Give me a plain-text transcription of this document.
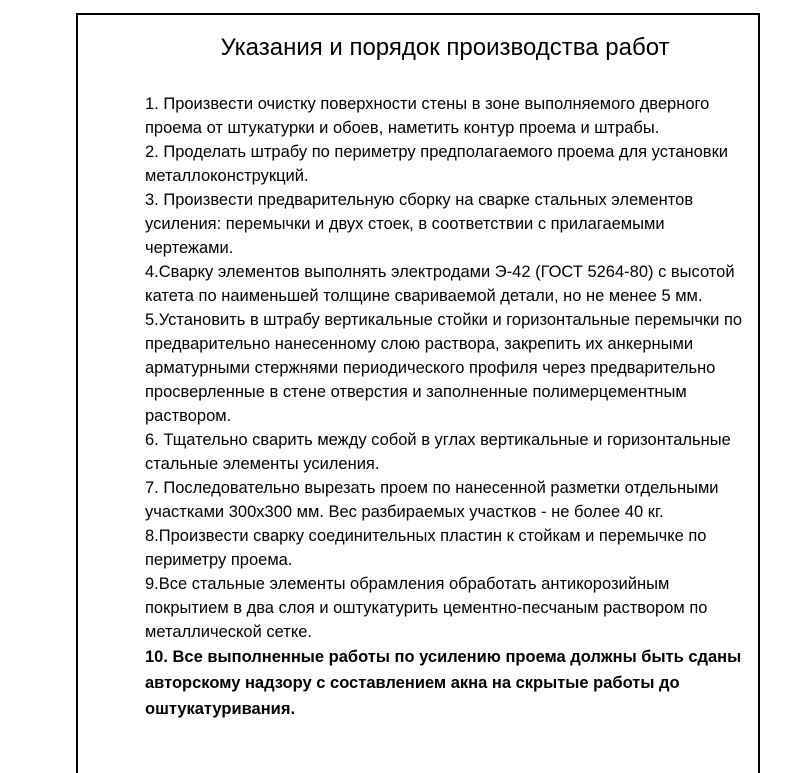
Указания и порядок производства работ
1. Произвести очистку поверхности стены в зоне выполняемого дверного проема от штукатурки и обоев, наметить контур проема и штрабы.
2. Проделать штрабу по периметру предполагаемого проема для установки металлоконструкций.
3. Произвести предварительную сборку на сварке стальных элементов усиления: перемычки и двух стоек, в соответствии с прилагаемыми чертежами.
4.Сварку элементов выполнять электродами Э-42 (ГОСТ 5264-80) с высотой катета по наименьшей толщине свариваемой детали, но не менее 5 мм.
5.Установить в штрабу вертикальные стойки и горизонтальные перемычки по предварительно нанесенному слою раствора, закрепить их анкерными арматурными стержнями периодического профиля через предварительно просверленные в стене отверстия и заполненные полимерцементным раствором.
6. Тщательно сварить между собой в углах вертикальные и горизонтальные стальные элементы усиления.
7. Последовательно вырезать проем по нанесенной разметки отдельными участками 300х300 мм. Вес разбираемых участков - не более 40 кг.
8.Произвести сварку соединительных пластин к стойкам и перемычке по периметру проема.
9.Все стальные элементы обрамления обработать антикорозийным покрытием в два слоя и оштукатурить цементно-песчаным раствором по металлической сетке.
10. Все выполненные работы по усилению проема должны быть сданы авторскому надзору с составлением акна на скрытые работы до оштукатуривания.
